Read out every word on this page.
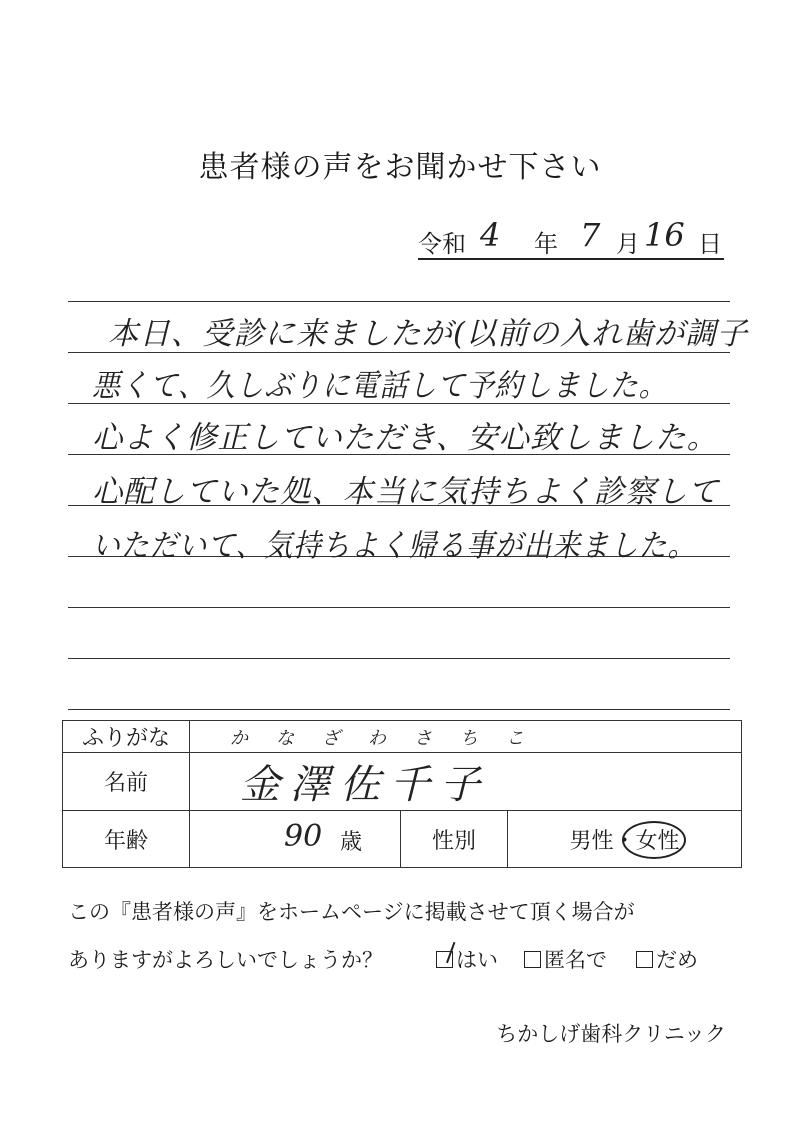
患者様の声をお聞かせ下さい
令和 4 年 7 月 16 日
本日、受診に来ましたが(以前の入れ歯が調子
悪くて、久しぶりに電話して予約しました。
心よく修正していただき、安心致しました。
心配していた処、本当に気持ちよく診察して
いただいて、気持ちよく帰る事が出来ました。
ふりがな	かなざわさちこ		
名前	金澤佐千子		
年齢	90 歳	性別	男性・女性
この『患者様の声』をホームページに掲載させて頂く場合が
ありますがよろしいでしょうか？	はい	匿名で	だめ
ちかしげ歯科クリニック
